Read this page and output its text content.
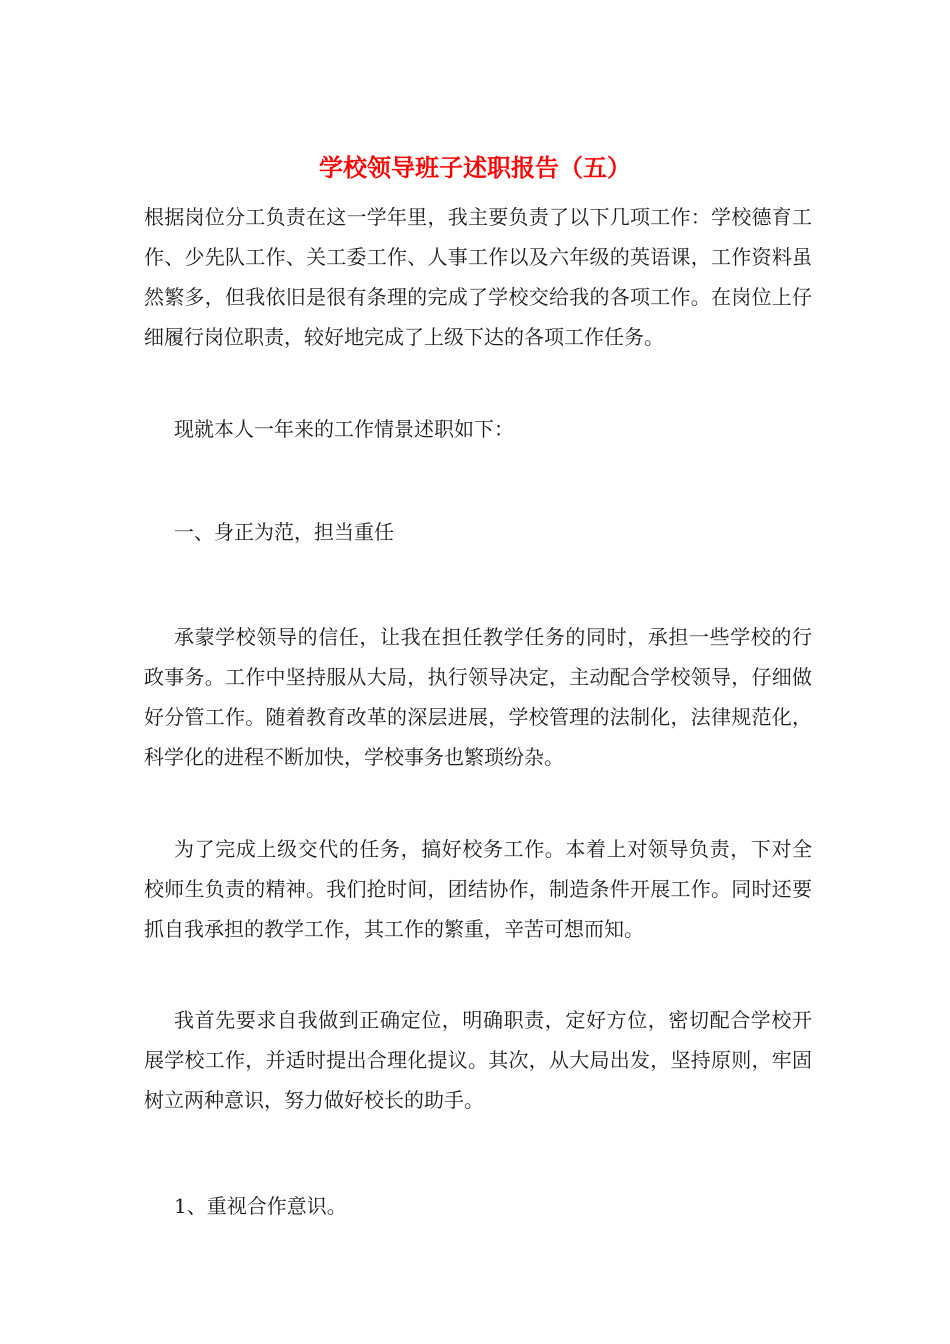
学校领导班子述职报告（五）

根据岗位分工负责在这一学年里，我主要负责了以下几项工作：学校德育工作、少先队工作、关工委工作、人事工作以及六年级的英语课，工作资料虽然繁多，但我依旧是很有条理的完成了学校交给我的各项工作。在岗位上仔细履行岗位职责，较好地完成了上级下达的各项工作任务。

现就本人一年来的工作情景述职如下：

一、身正为范，担当重任

承蒙学校领导的信任，让我在担任教学任务的同时，承担一些学校的行政事务。工作中坚持服从大局，执行领导决定，主动配合学校领导，仔细做好分管工作。随着教育改革的深层进展，学校管理的法制化，法律规范化，科学化的进程不断加快，学校事务也繁琐纷杂。

为了完成上级交代的任务，搞好校务工作。本着上对领导负责，下对全校师生负责的精神。我们抢时间，团结协作，制造条件开展工作。同时还要抓自我承担的教学工作，其工作的繁重，辛苦可想而知。

我首先要求自我做到正确定位，明确职责，定好方位，密切配合学校开展学校工作，并适时提出合理化提议。其次，从大局出发，坚持原则，牢固树立两种意识，努力做好校长的助手。

1、重视合作意识。
